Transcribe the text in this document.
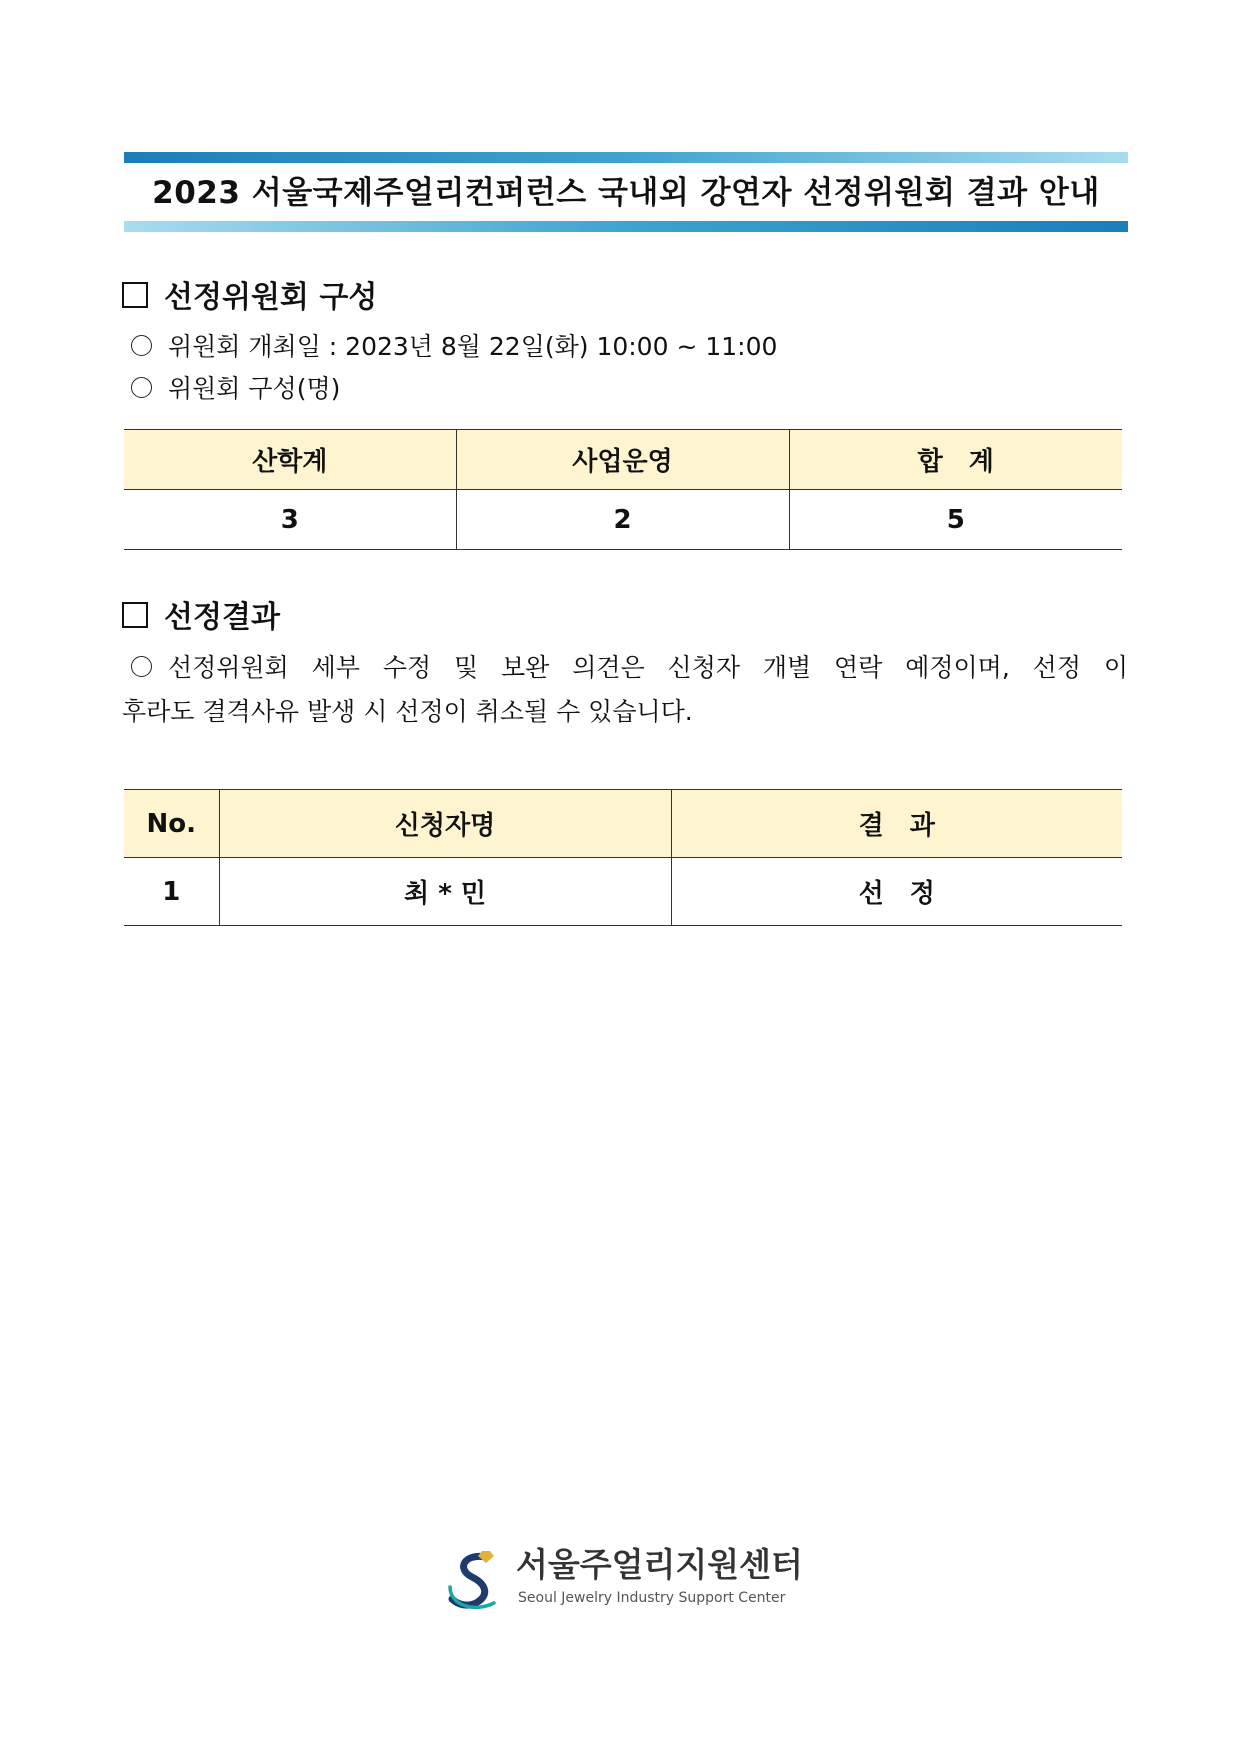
2023 서울국제주얼리컨퍼런스 국내외 강연자 선정위원회 결과 안내
선정위원회 구성
위원회 개최일 : 2023년 8월 22일(화) 10:00 ~ 11:00
위원회 구성(명)
산학계	사업운영	합　계
3	2	5
선정결과
선정위원회 세부 수정 및 보완 의견은 신청자 개별 연락 예정이며, 선정 이
후라도 결격사유 발생 시 선정이 취소될 수 있습니다.
No.	신청자명	결　과
1	최 * 민	선　정
서울주얼리지원센터
Seoul Jewelry Industry Support Center
